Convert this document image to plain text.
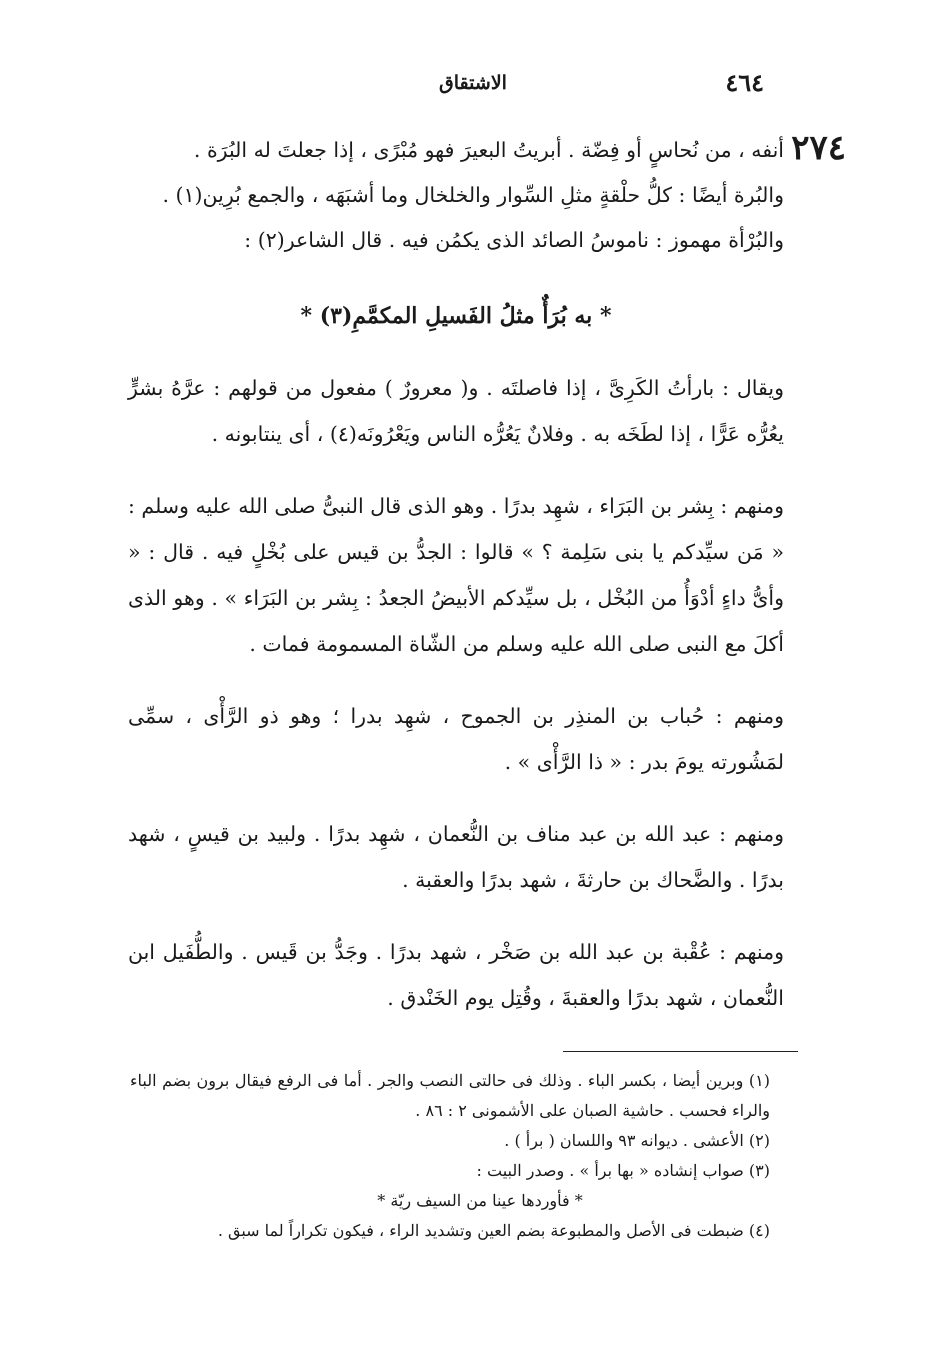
٤٦٤
الاشتقاق
٢٧٤

أنفه ، من نُحاسٍ أو فِضّة . أبريتُ البعيرَ فهو مُبْرًى ، إذا جعلتَ له البُرَة .

والبُرة أيضًا : كلُّ حلْقةٍ مثلِ السِّوار والخلخال وما أشبَهَه ، والجمع بُرِين(١) .

والبُرْأة مهموز : ناموسُ الصائد الذى يكمُن فيه . قال الشاعر(٢) :

* به بُرَأٌ مثلُ الفَسيلِ المكمَّمِ(٣) *

ويقال : بارأتُ الكَرِىَّ ، إذا فاصلتَه . و( معرورٌ ) مفعول من قولهم : عرَّهُ بشرٍّ يعُرُّه عَرًّا ، إذا لطَخَه به . وفلانٌ يَعُرُّه الناس ويَعْرُونَه(٤) ، أى ينتابونه .

ومنهم : بِشر بن البَرَاء ، شهِد بدرًا . وهو الذى قال النبىُّ صلى الله عليه وسلم : « مَن سيِّدكم يا بنى سَلِمة ؟ » قالوا : الجدُّ بن قيس على بُخْلٍ فيه . قال : « وأىُّ داءٍ أدْوَأُ من البُخْل ، بل سيِّدكم الأبيضُ الجعدُ : بِشر بن البَرَاء » . وهو الذى أكلَ مع النبى صلى الله عليه وسلم من الشّاة المسمومة فمات .

ومنهم : حُباب بن المنذِر بن الجموح ، شهِد بدرا ؛ وهو ذو الرَّأْى ، سمِّى لمَشُورته يومَ بدر : « ذا الرَّأْى » .

ومنهم : عبد الله بن عبد مناف بن النُّعمان ، شهِد بدرًا . ولبيد بن قيسٍ ، شهد بدرًا . والضَّحاك بن حارثةَ ، شهد بدرًا والعقبة .

ومنهم : عُقْبة بن عبد الله بن صَخْر ، شهد بدرًا . وجَدُّ بن قَيس . والطُّفَيل ابن النُّعمان ، شهد بدرًا والعقبةَ ، وقُتِل يوم الخَنْدق .

(١) وبرين أيضا ، بكسر الباء . وذلك فى حالتى النصب والجر . أما فى الرفع فيقال برون بضم الباء والراء فحسب . حاشية الصبان على الأشمونى ٢ : ٨٦ .

(٢) الأعشى . ديوانه ٩٣ واللسان ( برأ ) .

(٣) صواب إنشاده « بها برأ » . وصدر البيت :

* فأوردها عينا من السيف ريّة *

(٤) ضبطت فى الأصل والمطبوعة بضم العين وتشديد الراء ، فيكون تكراراً لما سبق .
